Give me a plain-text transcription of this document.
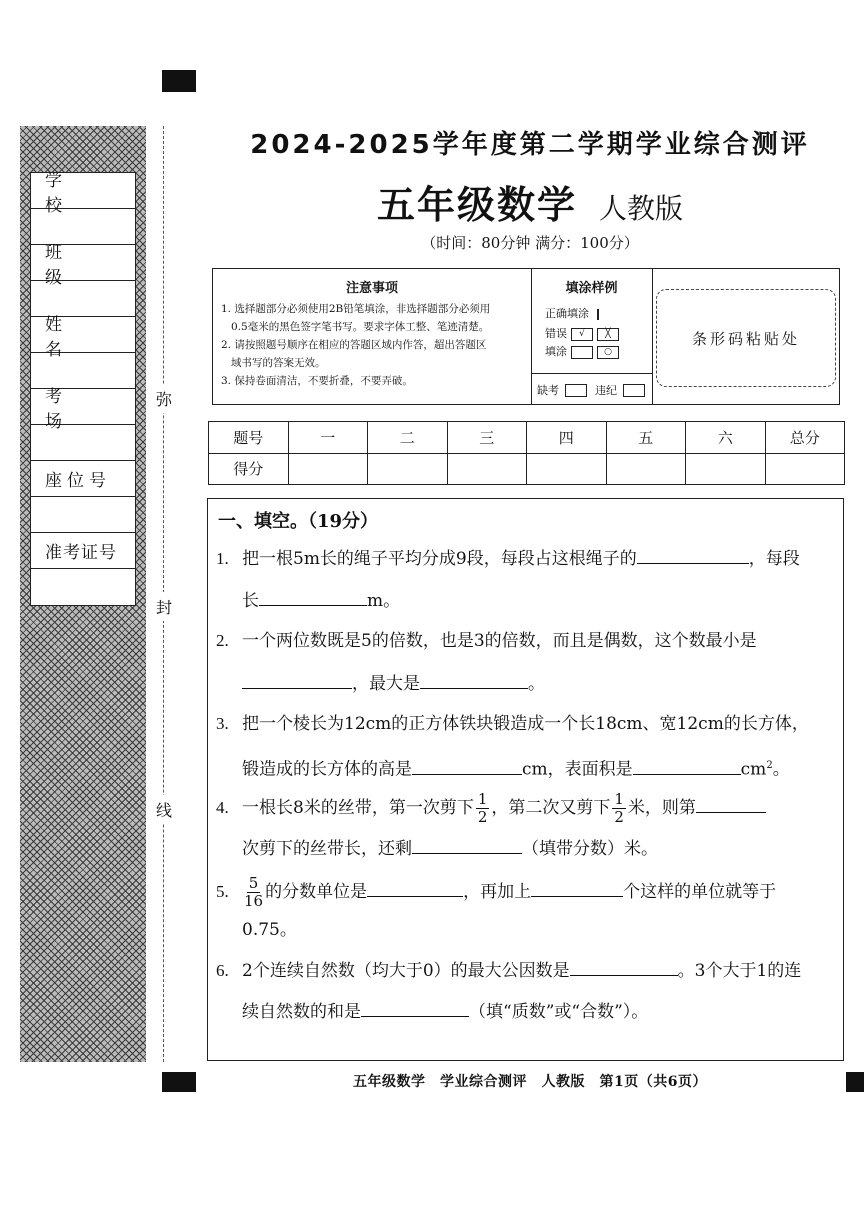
学校
班级
姓名
考场
座位号
准考证号
弥
封
线
2024-2025学年度第二学期学业综合测评
五年级数学 人教版
（时间：80分钟 满分：100分）
注意事项
1. 选择题部分必须使用2B铅笔填涂，非选择题部分必须用
0.5毫米的黑色签字笔书写。要求字体工整、笔迹清楚。
2. 请按照题号顺序在相应的答题区域内作答，超出答题区
域书写的答案无效。
3. 保持卷面清洁，不要折叠，不要弄破。
填涂样例
正确填涂
错误 √ ╳
填涂	○
缺考	违纪
条形码粘贴处
题号	一	二	三	四	五	六	总分
得分							
一、填空。（19分）
1. 把一根5m长的绳子平均分成9段，每段占这根绳子的	，每段
长	m。
2. 一个两位数既是5的倍数，也是3的倍数，而且是偶数，这个数最小是
，最大是	。
3. 把一个棱长为12cm的正方体铁块锻造成一个长18cm、宽12cm的长方体，
锻造成的长方体的高是	cm，表面积是	$cm^2$。
4. 一根长8米的丝带，第一次剪下 $\frac{1}{2}$ ，第二次又剪下 $\frac{1}{2}$ 米，则第
次剪下的丝带长，还剩	（填带分数）米。
5. $\frac{5}{16}$ 的分数单位是	，再加上	个这样的单位就等于
0.75。
6. 2个连续自然数（均大于0）的最大公因数是	。3个大于1的连
续自然数的和是	（填“质数”或“合数”）。
五年级数学　学业综合测评　人教版　第1页（共6页）
